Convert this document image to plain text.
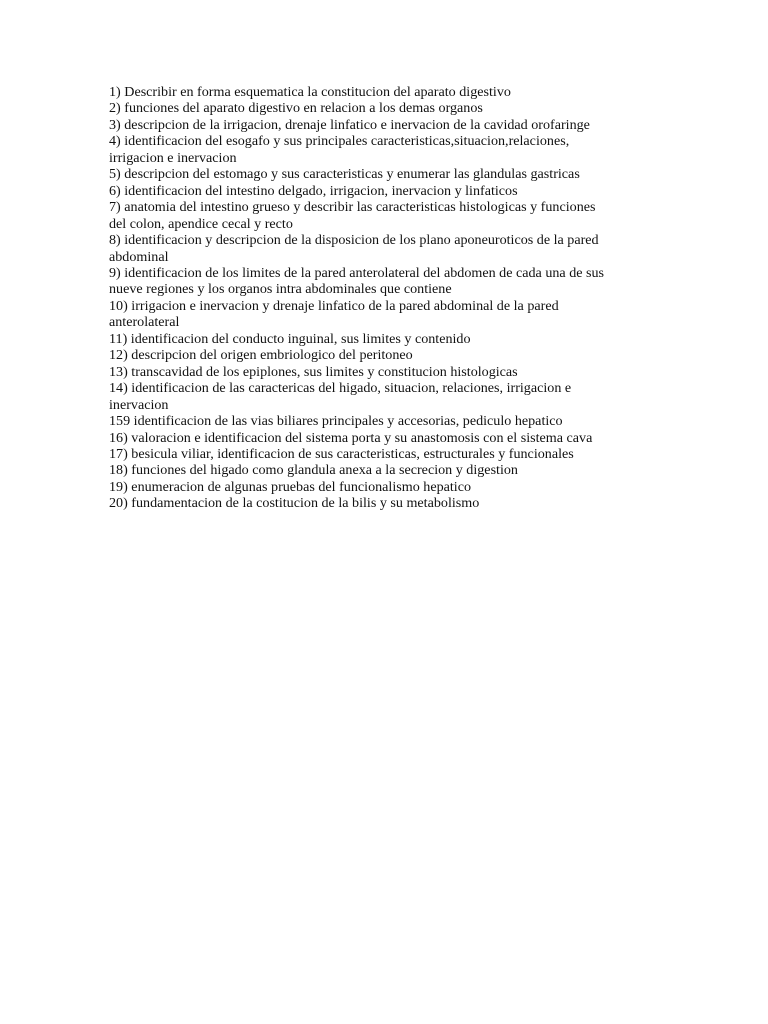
1) Describir en forma esquematica la constitucion del aparato digestivo
2) funciones del aparato digestivo en relacion a los demas organos
3) descripcion de la irrigacion, drenaje linfatico e inervacion de la cavidad orofaringe
4) identificacion del esogafo y sus principales caracteristicas,situacion,relaciones,
irrigacion e inervacion
5) descripcion del estomago y sus caracteristicas y enumerar las glandulas gastricas
6) identificacion del intestino delgado, irrigacion, inervacion y linfaticos
7) anatomia del intestino grueso y describir las caracteristicas histologicas y funciones
del colon, apendice cecal y recto
8) identificacion y descripcion de la disposicion de los plano aponeuroticos de la pared
abdominal
9) identificacion de los limites de la pared anterolateral del abdomen de cada una de sus
nueve regiones y los organos intra abdominales que contiene
10) irrigacion e inervacion y drenaje linfatico de la pared abdominal de la pared
anterolateral
11) identificacion del conducto inguinal, sus limites y contenido
12) descripcion del origen embriologico del peritoneo
13) transcavidad de los epiplones, sus limites y constitucion histologicas
14) identificacion de las caractericas del higado, situacion, relaciones, irrigacion e
inervacion
159 identificacion de las vias biliares principales y accesorias, pediculo hepatico
16) valoracion e identificacion del sistema porta y su anastomosis con el sistema cava
17) besicula viliar, identificacion de sus caracteristicas, estructurales y funcionales
18) funciones del higado como glandula anexa a la secrecion y digestion
19) enumeracion de algunas pruebas del funcionalismo hepatico
20) fundamentacion de la costitucion de la bilis y su metabolismo
